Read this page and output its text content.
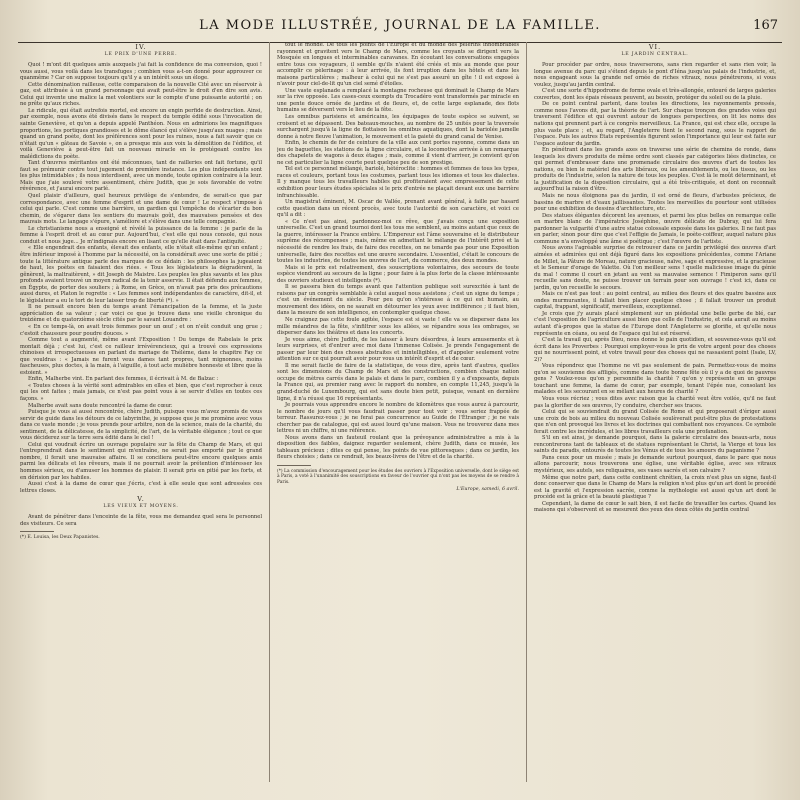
LA MODE ILLUSTRÉE, JOURNAL DE LA FAMILLE.	167
IV.
LE PRIX D'UNE PERRE.

Quoi ! m'ont dit quelques amis auxquels j'ai fait la confidence de ma conversion, quoi ! vous aussi, vous voilà dans les transfuges ; combien vous a-t-on donné pour approuver ce quanmême ? Car on suppose toujours qu'il y a un intérêt sous un éloge.

Cette dénomination railleuse, cette comparaison de la nouvelle Cité avec un réservoir à gaz, est attribuée à un grand personnage qui avait peut-être le droit d'en dire son avis. Celui qui invente une malice la met volontiers sur le compte d'une puissante autorité ; on ne prête qu'aux riches.

Le ridicule, qui était autrefois mortel, est encore un engin perfide de destruction. Ainsi, par exemple, nous avons été divisés dans le respect du temple édifié sous l'invocation de sainte Geneviève, et qu'on a depuis appelé Panthéon. Nous en admirions les magnifiques proportions, les portiques grandioses et le dôme élancé qui s'élève jusqu'aux nuages ; mais quand un grand poète, dont les préférences sont pour les ruines, nous a fait savoir que ce n'était qu'un « gâteau de Savoie », on a presque mis aux voix la démolition de l'édifice, et voilà Geneviève à peut-être fait un nouveau miracle en le protégeant contre les malédictions du poète.

Tant d'œuvres méritantes ont été méconnues, tant de railleries ont fait fortune, qu'il faut se prémunir contre tout jugement de première instance. Les plus indépendants sont les plus intimidables ; ils nous interdisent, avec un monde, toute opinion contraire à la leur. Mais que j'aie soulevé votre assentiment, chère Judith, que je sois favorable de votre révérence, et j'aurai encore parlé.

Quel plaisir d'ailleurs, quel heureux privilège de s'entendre, de serait-ce que par correspondance, avec une femme d'esprit et une dame de cœur ! Le respect s'impose à celui qui parle. C'est comme une barrière, un gardien qui l'empêche de s'écarter du bon chemin, de s'égarer dans les sentiers du mauvais goût, des mauvaises pensées et des mauvais mots. Le langage s'épure, s'améliore et s'élève dans une telle compagnie.

Le christianisme nous a enseigné et révélé la puissance de la femme : je parle de la femme à l'esprit droit et au cœur pur. Aujourd'hui, c'est elle qui nous console, qui nous conduit et nous juge... Je m'indignais encore en lisant ce qu'elle était dans l'antiquité.

« Elle engendrait des enfants, élevait des enfants, elle n'était elle-même qu'un enfant ; être inférieur imposé à l'homme par la nécessité, on la considérait avec une sorte de pitié ; toute la littérature antique parle des marques de ce dédain : les philosophes la jugeaient de haut, les poètes en faisaient des riées. « Tous les législateurs la dégradèrent, la gênèrent, la maltraitèrent, » dit Joseph de Maistre. Les peuples les plus savants et les plus profonds avaient trouvé un moyen radical de la tenir asservie. Il était défendu aux femmes, en Égypte, de porter des souliers ; à Rome, en Grèce, on n'avait pas pris des précautions aussi dures, et Platon le regrette : « Les femmes sont indépendantes de caractère, dit-il, et le législateur a eu le tort de leur laisser trop de liberté (*). »

Il ne pensait encore bien du temps avant l'émancipation de la femme, et la juste appréciation de sa valeur ; car voici ce que je trouve dans une vieille chronique du treizième et du quatorzième siècle cités par le savant Louandre :

« En ce temps-là, on avait trois femmes pour un œuf ; et on n'eût conduit ung grue ; c'estoit chaussure pour poudre douces. »

Comme tout a augmenté, même avant l'Exposition ! Du temps de Rabelais le prix montait déjà ; c'est lui, c'est ce railleur irrévérencieux, qui a trouvé ces expressions chinoises et irrespectueuses en parlant du mariage de Thélème, dans le chapitre Fay ce que vouldras : « Jamais ne furent veus dames tant propres, tant mignonnes, moins fascheuses, plus doctes, à la main, à l'aiguille, à tout acte mulièbre honneste et libre que là estoient. »

Enfin, Malherbe vint. En parlant des femmes, il écrivait à M. de Balzac :

« Toutes choses à la vérité sont admirables en elles et bien, que c'est reprocher à ceux qui les ont faites ; mais jamais, ce n'est pas point vous à se servir d'elles en toutes ces façons. »

Malherbe avait sans doute rencontré la dame de cœur.

Puisque je vous ai aussi rencontrée, chère Judith, puisque vous m'avez promis de vous servir de guide dans les détours de ce labyrinthe, je suppose que je me promène avec vous dans ce vaste monde ; je vous prends pour arbitre, non de la science, mais de la charité, du sentiment, de la délicatesse, de la simplicité, de l'art, de la véritable élégance ; tout ce que vous déciderez sur la terre sera édité dans le ciel !

Celui qui voudrait écrire un ouvrage populaire sur la fête du Champ de Mars, et qui l'entreprendrait dans le sentiment qui m'entraîne, ne serait pas emporté par le grand nombre, il ferait une mauvaise affaire. Il se conciliera peut-être encore quelques amis parmi les délicats et les rêveurs, mais il ne pourrait avoir la prétention d'intéresser les hommes sérieux, ou d'amuser les hommes de plaisir. Il serait pris en pitié par les forts, et en dérision par les habiles.

Aussi c'est à la dame de cœur que j'écris, c'est à elle seule que sont adressées ces lettres closes.

V.
LES VIEUX ET MOYENS.

Avant de pénétrer dans l'enceinte de la fête, vous me demandez quel sera le personnel des visiteurs. Ce sera

(*) E. Louisa, les Deux Papanistes.

tout le monde. De tous les points de l'Europe et du monde des pèlerins innombrables rayonnent et gravitent vers le Champ de Mars, comme les croyants se dirigent vers la Mosquée en longues et interminables caravanes. En écoutant les conversations engagées entre tous ces voyageurs, il semble qu'ils n'aient été créés et mis au monde que pour accomplir ce pèlerinage : à leur arrivée, ils font irruption dans les hôtels et dans les maisons particulières ; malheur à celui qui ne s'est pas assuré un gîte ! il est exposé à n'avoir pour ciel-de-lit qu'un ciel semé d'étoiles.

Une vaste esplanade a remplacé la montagne rocheuse qui dominait le Champ de Mars sur la rive opposée. Les cases-ceux exempts du Trocadéro vont transformés par miracle en une pente douce ornée de jardins et de fleurs, et, de cette large esplanade, des flots humains se déversent vers le lieu de la fête.

Les omnibus parisiens et américains, les équipages de toute espèce se suivent, se croisent et se dépassent. Des bateaux-mouches, au nombre de 25 unités pour la traversée surchargent jusqu'à la ligne de flottaison les omnibus aquatiques, dont la bariolée jamelle donne à notre fleuve l'animation, le mouvement et la gaieté du grand canal de Venise.

Enfin, le chemin de fer de ceinture de la ville aux cent portes rayonne, comme dans un jeu de baguettes, les stations de la ligne circulaire, et la locomotive arrivée à un remarque des chapelets de wagons à deux étages ; mais, comme il vient d'arriver, je convient qu'on ne cet particulier la ligne courte peut quelque peu de son prestige.

Tel est ce personnel mélangé, bariolé, hétéroclite : hommes et femmes de tous les types, races et couleurs, portant tous les costumes, parlant tous les idiomes et tous les dialectes. Il y manque tous les travailleurs habiles qui profiteraient avec empressement de cette exhibition pour leurs études spéciales si le prix d'entrée ne plaçait devant eux une barrière infranchissable.

Un magistrat éminent, M. Oscar de Vallée, prenant avant général, à faille par hasard cette question dans un récent procès, avec toute l'autorité de son caractère, et voici ce qu'il a dit :

« Ce n'est pas ainsi, pardonnez-moi ce rêve, que j'avais conçu une exposition universelle. C'est un grand tournoi dont les tous me semblent, au moins autant que ceux de la guerre, intéresser la France entière. L'Empereur est l'âme souveraine et le distributeur suprême des récompenses ; mais, même en admettant le mélange de l'intérêt privé et la nécessité de rendre les frais, de faire des recettes, on ne tenarde pas pour une Exposition universelle, faire des recettes est une œuvre secondaire. L'essentiel, c'était le concours de toutes les industries, de toutes les œuvres de l'art, du commerce, des deux mondes.

Mais si le prix est relativement, des souscriptions volontaires, des secours de toute espèce viendront au secours de la ligne ; pour faire à la plus forte de la classe intéressante des ouvriers studieux et intelligents (*).

Il se passera bien du temps avant que l'attention publique soit surexcitée à tant de raisons par un congrès semblable à celui auquel nous assistons ; c'est un signe du temps ; c'est un événement du siècle. Pour peu qu'on s'intéresse à ce qui est humain, au mouvement des idées, on ne saurait en détourner les yeux avec indifférence ; il faut bien, dans la mesure de son intelligence, en contempler quelque chose.

Ne craignez pas cette foule agitée, l'espace est si vaste ! elle va se disperser dans les mille méandres de la fête, s'infiltrer sous les allées, se répandre sous les ombrages, se disperser dans les théâtres et dans les concerts.

Je vous aime, chère Judith, de les laisser à leurs désordres, à leurs amusements et à leurs surprises, et d'entrer avec moi dans l'immense Colisée. Je prends l'engagement de passer par leur bien des choses abstraites et inintelligibles, et d'appeler seulement votre attention sur ce qui pourrait avoir pour vous un intérêt d'esprit et de cœur.

Il me serait facile de faire de la statistique, de vous dire, après tant d'autres, quelles sont les dimensions du Champ de Mars et des constructions, combien chaque nation occupe de mètres carrés dans le palais et dans le parc, combien il y a d'exposants, depuis la France qui, au premier rang avec le rapport du nombre, en compte 11,245, jusqu'à la grand-duché de Luxembourg, qui est sans doute bien petit, puisque, venant en dernière ligne, il n'a réussi que 16 représentants.

Je pourrais vous apprendre encore le nombre de kilomètres que vous aurez à parcourir, le nombre de jours qu'il vous faudrait passer pour tout voir ; vous seriez frappée de terreur. Rassurez-vous ; je ne ferai pas concurrence au Guide de l'Étranger ; je ne vais chercher pas de catalogue, qui est aussi lourd qu'une maison. Vous ne trouverez dans mes lettres ni un chiffre, ni une référence.

Nous avons dans un fauteuil roulant que la prévoyance administrative a mis à la disposition des faibles, daignez regarder seulement, chère Judith, dans ce musée, les tableaux précieux ; dites ce qui pense, les points de vue pittoresques ; dans ce jardin, les fleurs choisies ; dans ce rendrait, les beaux-livres de l'être et de la charité.

(*) La commission d'encouragement pour les études des ouvriers à l'Exposition universelle, dont le siège est à Paris, a voté à l'unanimité des souscriptions en faveur de l'ouvrier qui n'ont pas les moyens de se rendre à Paris.
L'Europe, samedi, 6 avril.
VI.
LE JARDIN CENTRAL.

Pour procéder par ordre, nous traverserons, sans rien regarder et sans rien voir, la longue avenue du parc qui s'étend depuis le pont d'Iéna jusqu'au palais de l'industrie, et, nous engageant sous la grande nef ornée de riches vitraux, nous pénétrerons, si vous voulez, jusqu'au jardin central.

C'est une sorte d'hippodrome de forme ovale et très-allongée, entouré de larges galeries couvertes, dont les épais réseaux peuvent, au besoin, protéger du soleil ou de la pluie.

De ce point central partent, dans toutes les directions, les rayonnements pressés, comme nous l'avons dit, par la théorie de l'art. Sur chaque tronçon des grandes voies qui traversent l'édifice et qui ouvrent autour de longues perspectives, on lit les noms des nations qui prennent part à ce congrès merveilleux. La France, qui est chez elle, occupe la plus vaste place ; et, au regard, l'Angleterre tient le second rang, sous le rapport de l'espace. Puis les autres États représentés figurent selon l'importance qui leur est faite sur l'espace autour du jardin.

En pénétrant dans les grands axes on traverse une série de chemins de ronde, dans lesquels les divers produits de même ordre sont classés par catégories liées distinctes, ce qui permet d'embrasser dans une promenade circulaire des œuvres d'art de toutes les nations, ou bien le matériel des arts libéraux, ou les ameublements, ou les tissus, ou les produits de l'industrie, selon la nature de tous les peuples. C'est là le moût déterminant, et la justification de la disposition circulaire, qui a été très-critiquée, et dont on reconnaît aujourd'hui la raison d'être.

Mais ne nous éloignons pas du jardin, il est orné de fleurs, d'arbustes précieux, de bassins de marbre et d'eaux jaillissantes. Toutes les merveilles du pourtour sont utilisées pour une exhibition de dessins d'architecture, etc.

Des statues élégantes décorent les avenues, et parmi les plus belles on remarque celle en marbre blanc de l'impératrice Joséphine, œuvre délicate de Dubray, qui lui fera pardonner la vulgarité d'une autre statue colossale exposée dans les galeries. Il ne faut pas en parler, sinon pour dire que c'est l'effigie de Jamais, le poète-coiffeur, auquel nature plus commune n'a enveloppé une âme si poétique ; c'est l'œuvre de l'artiste.

Nous avons l'agréable surprise de retrouver dans ce jardin privilégié des œuvres d'art aimées et admirées qui ont déjà figuré dans les expositions précédentes, comme l'Ariane de Millet, la Pâture de Moreau, nature gracieuse, naïve, sage et expressive, et la gracieuse et le Semeur d'orage de Valette. Où l'on meilleur sens ! quelle malicieuse image du génie du mal ! comme il court en jetant au vent sa mauvaise semence ! Fimiperon sans qu'il recueille sans doute, ne puisse trouver un terrain pour son ouvrage ! c'est ici, dans ce jardin, qu'on recueille le secours.

Mais ce n'est pas tout : au point central, au milieu des fleurs et des quatre bassins aux ondes murmurantes, il fallait bien placer quelque chose ; il fallait trouver un produit capital, frappant, significatif, merveilleux, exceptionnel.

Je crois que j'y aurais placé simplement sur un piédestal une belle gerbe de blé, car c'est l'exposition de l'agriculture aussi bien que celle de l'industrie, et cela aurait au moins autant d'à-propos que la statue de l'Europe dont l'Angleterre se glorifie, et qu'elle nous représente en céans, ou seul de l'espace qui lui est réservé.

C'est la travail qui, après Dieu, nous donne le pain quotidien, et souvenez-vous qu'il est écrit dans les Proverbes : Pourquoi employer-vous le prix de votre argent pour des choses qui ne nourrissent point, et votre travail pour des choses qui ne rassasient point (Isaïe, LV, 2)?

Vous répondrez que l'homme ne vit pas seulement de pain. Permettez-vous de moins qu'on se souvienne des affligés, comme dans toute bonne fête où il y a de quoi de pauvres gens ? Voulez-vous qu'on y personnifie la charité ? qu'on y représente en un groupe touchant une femme, la dame de cœur, par exemple, tenant l'épée nue, consolant les malades et les secourant en se mêlant aux heures de charité ?

Vous vous récriez ; vous dites avec raison que la charité veut être voilée, qu'il ne faut pas la glorifier de ses œuvres, l'y conduire, chercher ses traces.

Celui qui se souviendrait du grand Colisée de Rome et qui proposerait d'ériger aussi une croix de bois au milieu du nouveau Colisée soulèverait peut-être plus de protestations que n'en ont provoqué les livres et les doctrines qui combattent nos croyances. Ce symbole ferait contre les incrédules, et les libres travailleurs cela une profanation.

S'il en est ainsi, je demande pourquoi, dans la galerie circulaire des beaux-arts, nous rencontrerons tant de tableaux et de statues représentant le Christ, la Vierge et tous les saints du paradis, entourés de toutes les Vénus et de tous les amours du paganisme ?

Pans ceux pour un musée ; mais je demande surtout pourquoi, dans le parc que nous allons parcourir, nous trouverons une église, une véritable église, avec ses vitraux mystérieux, ses autels, ses reliquaires, ses vases sacrés et son calvaire ?

Même que notre part, dans cette continent chrétien, la croix n'est plus un signe, faut-il donc conserver que dans le Champ de Mars la religion n'est plus qu'un art dont le procédé est la gravité et l'expression sacrée, comme la mythologie est aussi qu'un art dont le procédé est la grâce et la beauté plastique ?

Cependant, la dame de cœur le sait bien, il est facile de travailler les cartes. Quand les maisons qui s'observent et se mesurent des yeux des deux côtés du jardin central
